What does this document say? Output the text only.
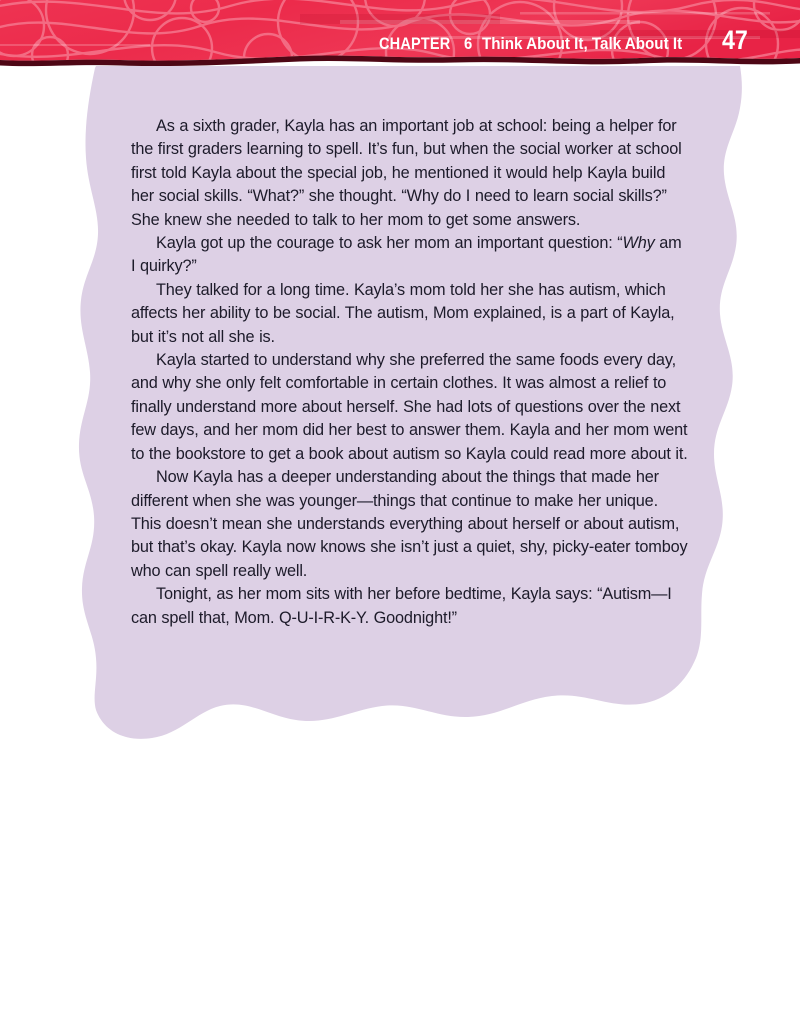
CHAPTER 6 Think About It, Talk About It 47

As a sixth grader, Kayla has an important job at school: being a helper for the first graders learning to spell. It’s fun, but when the social worker at school first told Kayla about the special job, he mentioned it would help Kayla build her social skills. “What?” she thought. “Why do I need to learn social skills?” She knew she needed to talk to her mom to get some answers.

Kayla got up the courage to ask her mom an important question: “Why am I quirky?”

They talked for a long time. Kayla’s mom told her she has autism, which affects her ability to be social. The autism, Mom explained, is a part of Kayla, but it’s not all she is.

Kayla started to understand why she preferred the same foods every day, and why she only felt comfortable in certain clothes. It was almost a relief to finally understand more about herself. She had lots of questions over the next few days, and her mom did her best to answer them. Kayla and her mom went to the bookstore to get a book about autism so Kayla could read more about it.

Now Kayla has a deeper understanding about the things that made her different when she was younger—things that continue to make her unique. This doesn’t mean she understands everything about herself or about autism, but that’s okay. Kayla now knows she isn’t just a quiet, shy, picky-eater tomboy who can spell really well.

Tonight, as her mom sits with her before bedtime, Kayla says: “Autism—I can spell that, Mom. Q-U-I-R-K-Y. Goodnight!”
